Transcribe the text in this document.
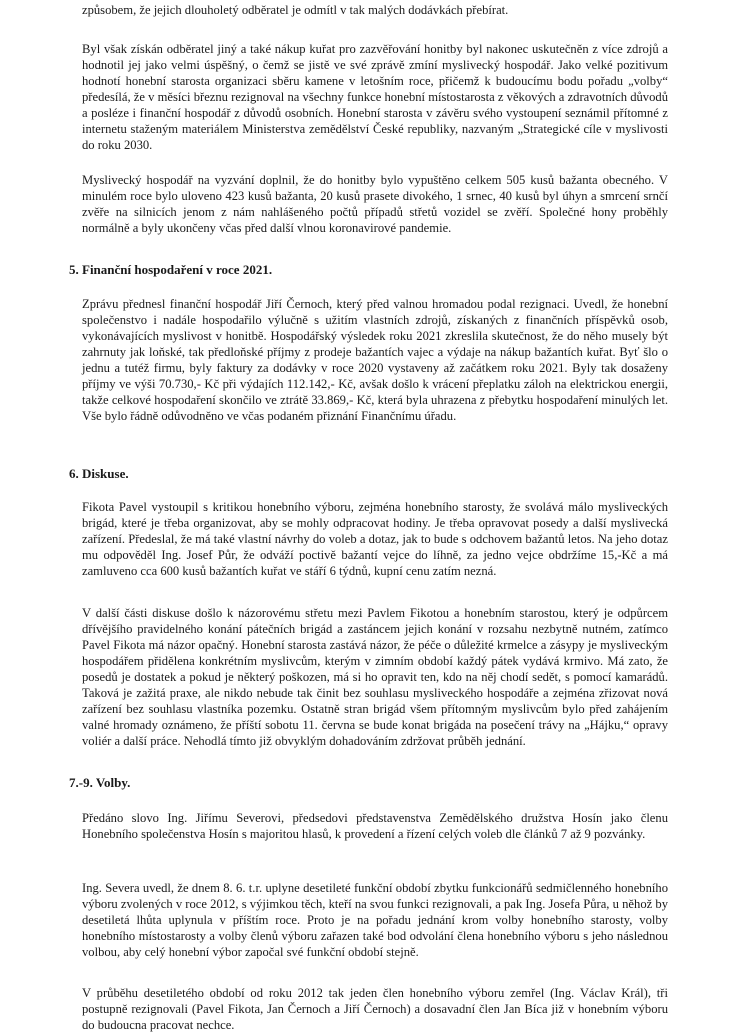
způsobem, že jejich dlouholetý odběratel je odmítl v tak malých dodávkách přebírat.

Byl však získán odběratel jiný a také nákup kuřat pro zazvěřování honitby byl nakonec uskutečněn z více zdrojů a hodnotil jej jako velmi úspěšný, o čemž se jistě ve své zprávě zmíní myslivecký hospodář. Jako velké pozitivum hodnotí honební starosta organizaci sběru kamene v letošním roce, přičemž k budoucímu bodu pořadu „volby“ předesílá, že v měsíci březnu rezignoval na všechny funkce honební místostarosta z věkových a zdravotních důvodů a posléze i finanční hospodář z důvodů osobních. Honební starosta v závěru svého vystoupení seznámil přítomné z internetu staženým materiálem Ministerstva zemědělství České republiky, nazvaným „Strategické cíle v myslivosti do roku 2030.

Myslivecký hospodář na vyzvání doplnil, že do honitby bylo vypuštěno celkem 505 kusů bažanta obecného. V minulém roce bylo uloveno 423 kusů bažanta, 20 kusů prasete divokého, 1 srnec, 40 kusů byl úhyn a smrcení srnčí zvěře na silnicích jenom z nám nahlášeného počtů případů střetů vozidel se zvěří. Společné hony proběhly normálně a byly ukončeny včas před další vlnou koronavirové pandemie.

5. Finanční hospodaření v roce 2021.

Zprávu přednesl finanční hospodář Jiří Černoch, který před valnou hromadou podal rezignaci. Uvedl, že honební společenstvo i nadále hospodařilo výlučně s užitím vlastních zdrojů, získaných z finančních příspěvků osob, vykonávajících myslivost v honitbě. Hospodářský výsledek roku 2021 zkreslila skutečnost, že do něho musely být zahrnuty jak loňské, tak předloňské příjmy z prodeje bažantích vajec a výdaje na nákup bažantích kuřat. Byť šlo o jednu a tutéž firmu, byly faktury za dodávky v roce 2020 vystaveny až začátkem roku 2021. Byly tak dosaženy příjmy ve výši 70.730,- Kč při výdajích 112.142,- Kč, avšak došlo k vrácení přeplatku záloh na elektrickou energii, takže celkové hospodaření skončilo ve ztrátě 33.869,- Kč, která byla uhrazena z přebytku hospodaření minulých let. Vše bylo řádně odůvodněno ve včas podaném přiznání Finančnímu úřadu.

6. Diskuse.

Fikota Pavel vystoupil s kritikou honebního výboru, zejména honebního starosty, že svolává málo mysliveckých brigád, které je třeba organizovat, aby se mohly odpracovat hodiny. Je třeba opravovat posedy a další myslivecká zařízení. Předeslal, že má také vlastní návrhy do voleb a dotaz, jak to bude s odchovem bažantů letos. Na jeho dotaz mu odpověděl Ing. Josef Půr, že odváží poctivě bažantí vejce do líhně, za jedno vejce obdržíme 15,-Kč a má zamluveno cca 600 kusů bažantích kuřat ve stáří 6 týdnů, kupní cenu zatím nezná.

V další části diskuse došlo k názorovému střetu mezi Pavlem Fikotou a honebním starostou, který je odpůrcem dřívějšího pravidelného konání pátečních brigád a zastáncem jejich konání v rozsahu nezbytně nutném, zatímco Pavel Fikota má názor opačný. Honební starosta zastává názor, že péče o důležité krmelce a zásypy je mysliveckým hospodářem přidělena konkrétním myslivcům, kterým v zimním období každý pátek vydává krmivo. Má zato, že posedů je dostatek a pokud je některý poškozen, má si ho opravit ten, kdo na něj chodí sedět, s pomocí kamarádů. Taková je zažitá praxe, ale nikdo nebude tak činit bez souhlasu mysliveckého hospodáře a zejména zřizovat nová zařízení bez souhlasu vlastníka pozemku. Ostatně stran brigád všem přítomným myslivcům bylo před zahájením valné hromady oznámeno, že příští sobotu 11. června se bude konat brigáda na posečení trávy na „Hájku,“ opravy voliér a další práce. Nehodlá tímto již obvyklým dohadováním zdržovat průběh jednání.

7.-9. Volby.

Předáno slovo Ing. Jiřímu Severovi, předsedovi představenstva Zemědělského družstva Hosín jako členu Honebního společenstva Hosín s majoritou hlasů, k provedení a řízení celých voleb dle článků 7 až 9 pozvánky.

Ing. Severa uvedl, že dnem 8. 6. t.r. uplyne desetileté funkční období zbytku funkcionářů sedmičlenného honebního výboru zvolených v roce 2012, s výjimkou těch, kteří na svou funkci rezignovali, a pak Ing. Josefa Půra, u něhož by desetiletá lhůta uplynula v příštím roce. Proto je na pořadu jednání krom volby honebního starosty, volby honebního místostarosty a volby členů výboru zařazen také bod odvolání člena honebního výboru s jeho následnou volbou, aby celý honební výbor započal své funkční období stejně.

V průběhu desetiletého období od roku 2012 tak jeden člen honebního výboru zemřel (Ing. Václav Král), tři postupně rezignovali (Pavel Fikota, Jan Černoch a Jiří Černoch) a dosavadní člen Jan Bíca již v honebním výboru do budoucna pracovat nechce.
